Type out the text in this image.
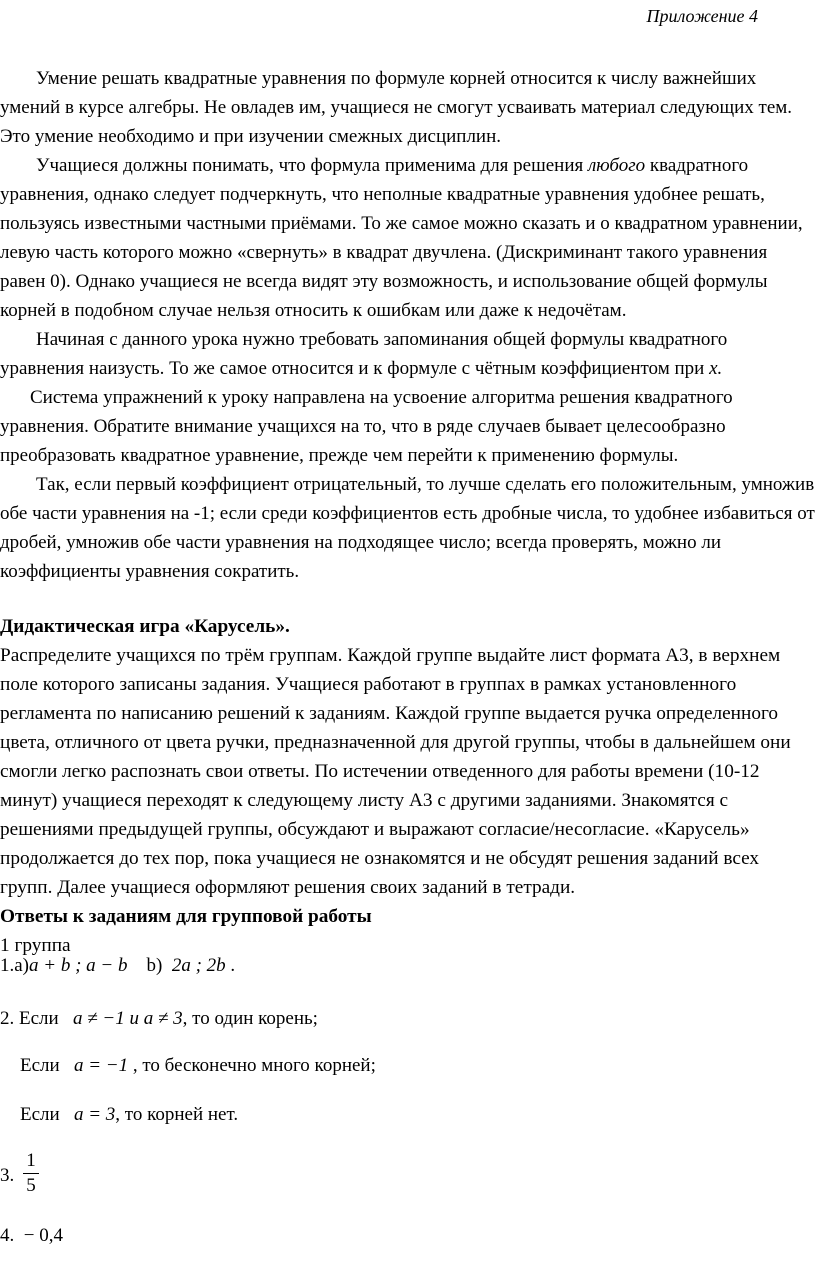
Приложение 4

Умение решать квадратные уравнения по формуле корней относится к числу важнейших умений в курсе алгебры. Не овладев им, учащиеся не смогут усваивать материал следующих тем. Это умение необходимо и при изучении смежных дисциплин.

Учащиеся должны понимать, что формула применима для решения любого квадратного уравнения, однако следует подчеркнуть, что неполные квадратные уравнения удобнее решать, пользуясь известными частными приёмами. То же самое можно сказать и о квадратном уравнении, левую часть которого можно «свернуть» в квадрат двучлена. (Дискриминант такого уравнения равен 0). Однако учащиеся не всегда видят эту возможность, и использование общей формулы корней в подобном случае нельзя относить к ошибкам или даже к недочётам.

Начиная с данного урока нужно требовать запоминания общей формулы квадратного уравнения наизусть. То же самое относится и к формуле с чётным коэффициентом при x.

Система упражнений к уроку направлена на усвоение алгоритма решения квадратного уравнения. Обратите внимание учащихся на то, что в ряде случаев бывает целесообразно преобразовать квадратное уравнение, прежде чем перейти к применению формулы.

Так, если первый коэффициент отрицательный, то лучше сделать его положительным, умножив обе части уравнения на -1; если среди коэффициентов есть дробные числа, то удобнее избавиться от дробей, умножив обе части уравнения на подходящее число; всегда проверять, можно ли коэффициенты уравнения сократить.

Дидактическая игра «Карусель».

Распределите учащихся по трём группам. Каждой группе выдайте лист формата А3, в верхнем поле которого записаны задания. Учащиеся работают в группах в рамках установленного регламента по написанию решений к заданиям. Каждой группе выдается ручка определенного цвета, отличного от цвета ручки, предназначенной для другой группы, чтобы в дальнейшем они смогли легко распознать свои ответы. По истечении отведенного для работы времени (10-12 минут) учащиеся переходят к следующему листу А3 с другими заданиями. Знакомятся с решениями предыдущей группы, обсуждают и выражают согласие/несогласие. «Карусель» продолжается до тех пор, пока учащиеся не ознакомятся и не обсудят решения заданий всех групп. Далее учащиеся оформляют решения своих заданий в тетради.

Ответы к заданиям для групповой работы

1 группа

1.а)a + b ; a − b b) 2a ; 2b .
2. Если a ≠ −1 и a ≠ 3, то один корень;
Если a = −1 , то бесконечно много корней;
Если a = 3, то корней нет.
3.
1
5
4. − 0,4
